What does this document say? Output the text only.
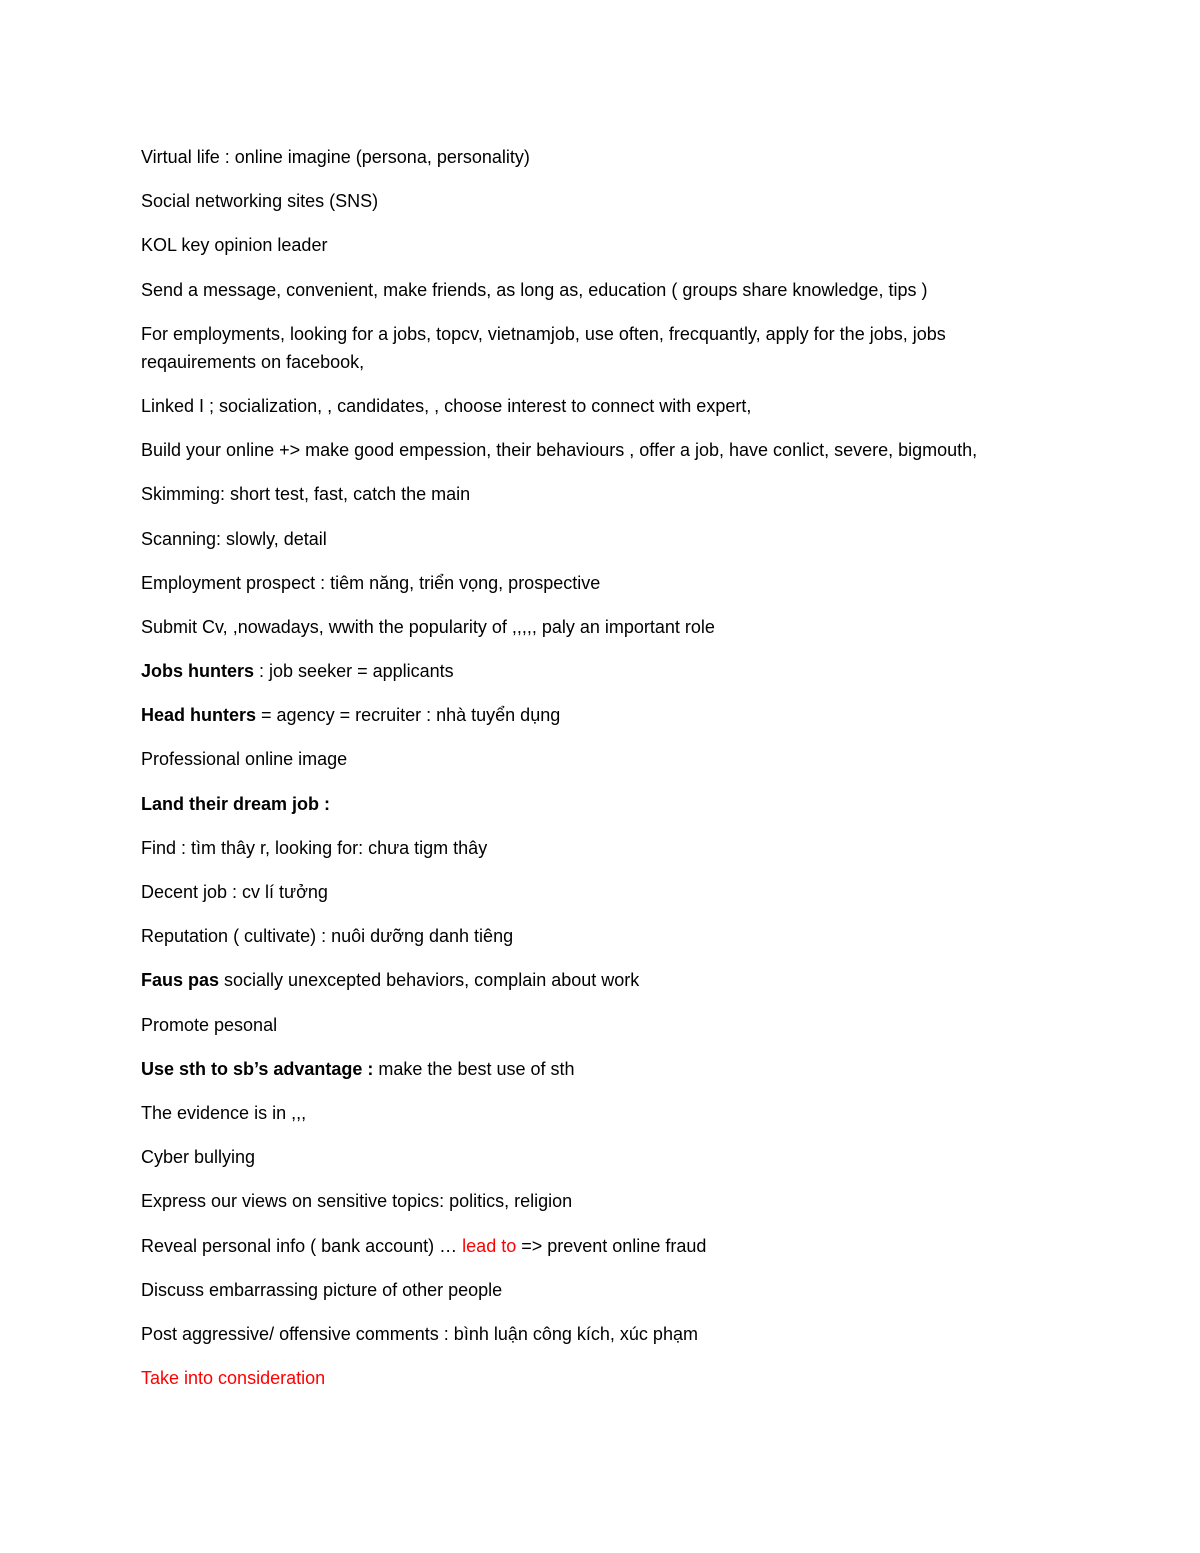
Virtual life : online imagine (persona, personality)
Social networking sites (SNS)
KOL key opinion leader
Send a message, convenient, make friends, as long as, education ( groups share knowledge, tips )
For employments, looking for a jobs, topcv, vietnamjob, use often, frecquantly, apply for the jobs, jobs reqauirements on facebook,
Linked I ; socialization, , candidates, , choose interest to connect with expert,
Build your online +> make good empession, their behaviours , offer a job, have conlict, severe, bigmouth,
Skimming: short test, fast, catch the main
Scanning: slowly, detail
Employment prospect : tiêm năng, triển vọng, prospective
Submit Cv, ,nowadays, wwith the popularity of ,,,,, paly an important role
Jobs hunters : job seeker = applicants
Head hunters = agency = recruiter : nhà tuyển dụng
Professional online image
Land their dream job :
Find : tìm thây r, looking for: chưa tigm thây
Decent job : cv lí tưởng
Reputation ( cultivate) : nuôi dưỡng danh tiêng
Faus pas socially unexcepted behaviors, complain about work
Promote pesonal
Use sth to sb’s advantage : make the best use of sth
The evidence is in ,,,
Cyber bullying
Express our views on sensitive topics: politics, religion
Reveal personal info ( bank account) … lead to => prevent online fraud
Discuss embarrassing picture of other people
Post aggressive/ offensive comments : bình luận công kích, xúc phạm
Take into consideration
